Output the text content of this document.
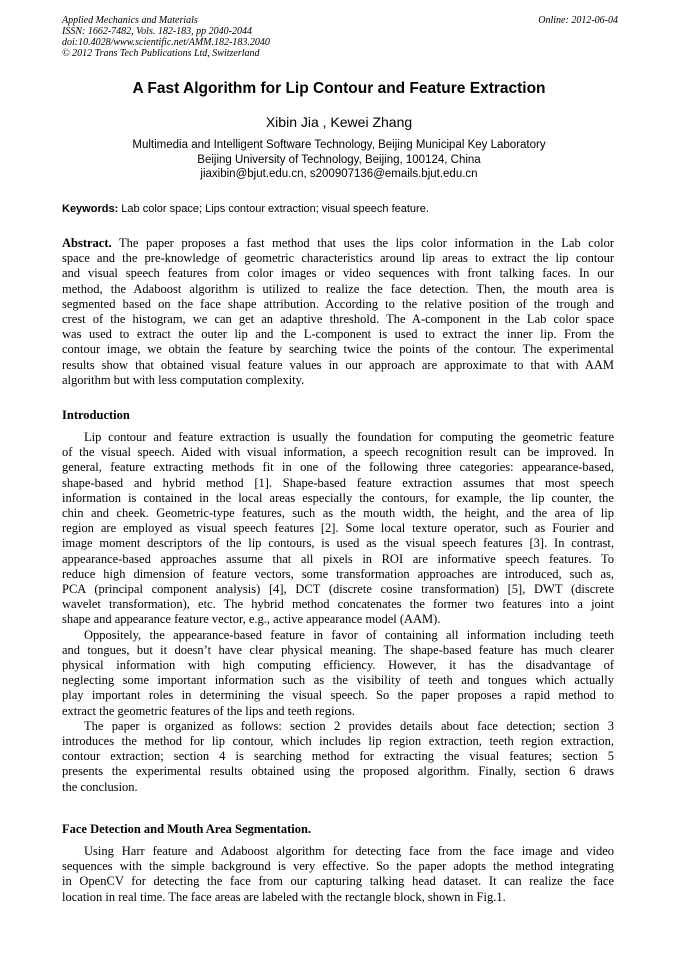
Applied Mechanics and Materials
ISSN: 1662-7482, Vols. 182-183, pp 2040-2044
doi:10.4028/www.scientific.net/AMM.182-183.2040
© 2012 Trans Tech Publications Ltd, Switzerland
Online: 2012-06-04
A Fast Algorithm for Lip Contour and Feature Extraction
Xibin Jia , Kewei Zhang
Multimedia and Intelligent Software Technology, Beijing Municipal Key Laboratory
Beijing University of Technology, Beijing, 100124, China
jiaxibin@bjut.edu.cn, s200907136@emails.bjut.edu.cn
Keywords: Lab color space; Lips contour extraction; visual speech feature.
Abstract. The paper proposes a fast method that uses the lips color information in the Lab color
space and the pre-knowledge of geometric characteristics around lip areas to extract the lip contour
and visual speech features from color images or video sequences with front talking faces. In our
method, the Adaboost algorithm is utilized to realize the face detection. Then, the mouth area is
segmented based on the face shape attribution. According to the relative position of the trough and
crest of the histogram, we can get an adaptive threshold. The A-component in the Lab color space
was used to extract the outer lip and the L-component is used to extract the inner lip. From the
contour image, we obtain the feature by searching twice the points of the contour. The experimental
results show that obtained visual feature values in our approach are approximate to that with AAM
algorithm but with less computation complexity.
Introduction
Lip contour and feature extraction is usually the foundation for computing the geometric feature
of the visual speech. Aided with visual information, a speech recognition result can be improved. In
general, feature extracting methods fit in one of the following three categories: appearance-based,
shape-based and hybrid method [1]. Shape-based feature extraction assumes that most speech
information is contained in the local areas especially the contours, for example, the lip counter, the
chin and cheek. Geometric-type features, such as the mouth width, the height, and the area of lip
region are employed as visual speech features [2]. Some local texture operator, such as Fourier and
image moment descriptors of the lip contours, is used as the visual speech features [3]. In contrast,
appearance-based approaches assume that all pixels in ROI are informative speech features. To
reduce high dimension of feature vectors, some transformation approaches are introduced, such as,
PCA (principal component analysis) [4], DCT (discrete cosine transformation) [5], DWT (discrete
wavelet transformation), etc. The hybrid method concatenates the former two features into a joint
shape and appearance feature vector, e.g., active appearance model (AAM).
Oppositely, the appearance-based feature in favor of containing all information including teeth
and tongues, but it doesn’t have clear physical meaning. The shape-based feature has much clearer
physical information with high computing efficiency. However, it has the disadvantage of
neglecting some important information such as the visibility of teeth and tongues which actually
play important roles in determining the visual speech. So the paper proposes a rapid method to
extract the geometric features of the lips and teeth regions.
The paper is organized as follows: section 2 provides details about face detection; section 3
introduces the method for lip contour, which includes lip region extraction, teeth region extraction,
contour extraction; section 4 is searching method for extracting the visual features; section 5
presents the experimental results obtained using the proposed algorithm. Finally, section 6 draws
the conclusion.
Face Detection and Mouth Area Segmentation.
Using Harr feature and Adaboost algorithm for detecting face from the face image and video
sequences with the simple background is very effective. So the paper adopts the method integrating
in OpenCV for detecting the face from our capturing talking head dataset. It can realize the face
location in real time. The face areas are labeled with the rectangle block, shown in Fig.1.
